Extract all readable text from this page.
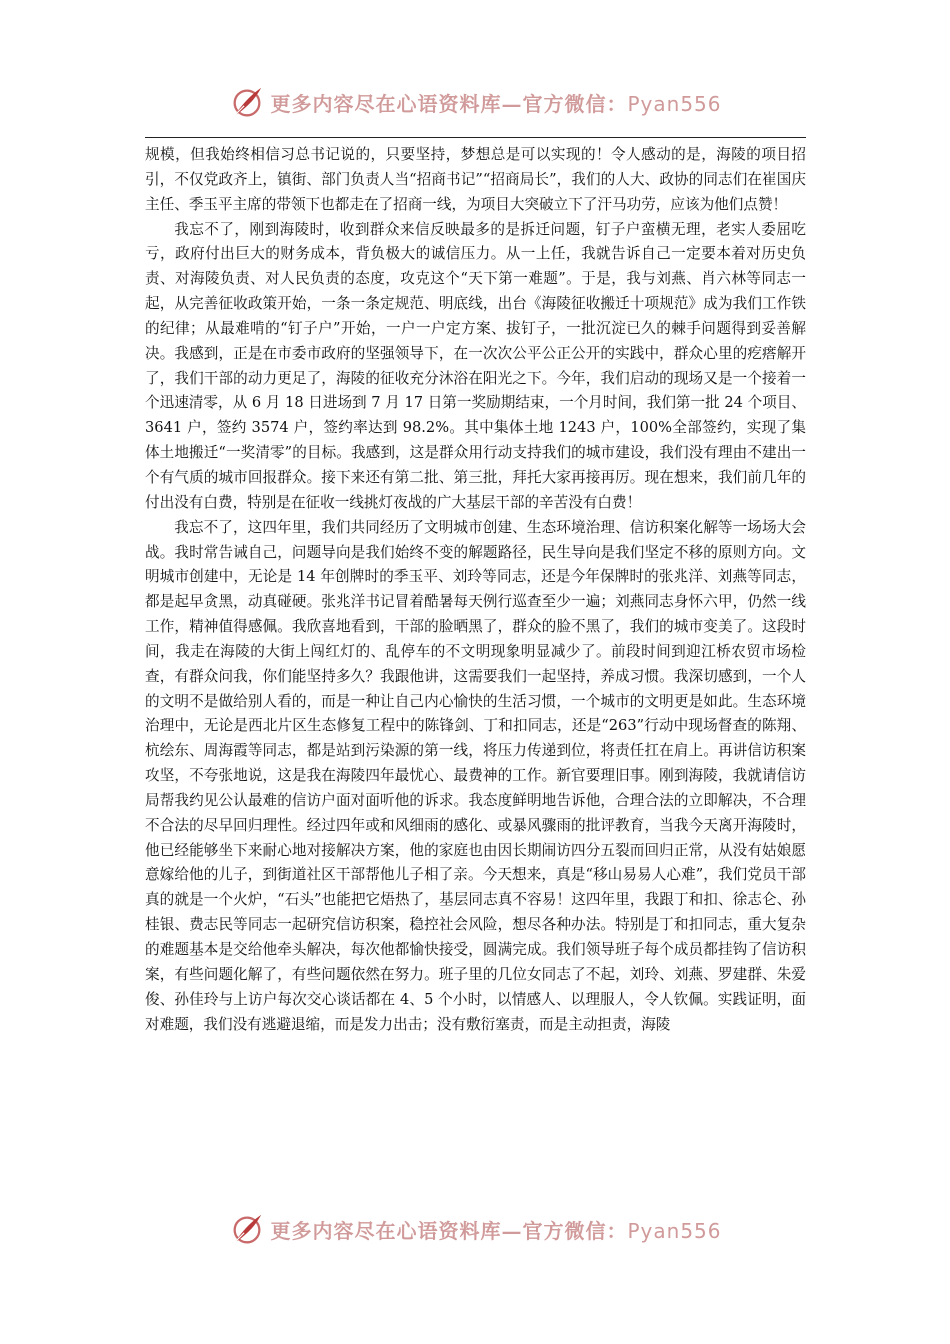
更多内容尽在心语资料库—官方微信：Pyan556

规模，但我始终相信习总书记说的，只要坚持，梦想总是可以实现的！令人感动的是，海陵的项目招引，不仅党政齐上，镇街、部门负责人当“招商书记”“招商局长”，我们的人大、政协的同志们在崔国庆主任、季玉平主席的带领下也都走在了招商一线，为项目大突破立下了汗马功劳，应该为他们点赞！

我忘不了，刚到海陵时，收到群众来信反映最多的是拆迁问题，钉子户蛮横无理，老实人委屈吃亏，政府付出巨大的财务成本，背负极大的诚信压力。从一上任，我就告诉自己一定要本着对历史负责、对海陵负责、对人民负责的态度，攻克这个“天下第一难题”。于是，我与刘燕、肖六林等同志一起，从完善征收政策开始，一条一条定规范、明底线，出台《海陵征收搬迁十项规范》成为我们工作铁的纪律；从最难啃的“钉子户”开始，一户一户定方案、拔钉子，一批沉淀已久的棘手问题得到妥善解决。我感到，正是在市委市政府的坚强领导下，在一次次公平公正公开的实践中，群众心里的疙瘩解开了，我们干部的动力更足了，海陵的征收充分沐浴在阳光之下。今年，我们启动的现场又是一个接着一个迅速清零，从 6 月 18 日进场到 7 月 17 日第一奖励期结束，一个月时间，我们第一批 24 个项目、3641 户，签约 3574 户，签约率达到 98.2%。其中集体土地 1243 户，100%全部签约，实现了集体土地搬迁“一奖清零”的目标。我感到，这是群众用行动支持我们的城市建设，我们没有理由不建出一个有气质的城市回报群众。接下来还有第二批、第三批，拜托大家再接再厉。现在想来，我们前几年的付出没有白费，特别是在征收一线挑灯夜战的广大基层干部的辛苦没有白费！

我忘不了，这四年里，我们共同经历了文明城市创建、生态环境治理、信访积案化解等一场场大会战。我时常告诫自己，问题导向是我们始终不变的解题路径，民生导向是我们坚定不移的原则方向。文明城市创建中，无论是 14 年创牌时的季玉平、刘玲等同志，还是今年保牌时的张兆洋、刘燕等同志，都是起早贪黑，动真碰硬。张兆洋书记冒着酷暑每天例行巡查至少一遍；刘燕同志身怀六甲，仍然一线工作，精神值得感佩。我欣喜地看到，干部的脸晒黑了，群众的脸不黑了，我们的城市变美了。这段时间，我走在海陵的大街上闯红灯的、乱停车的不文明现象明显减少了。前段时间到迎江桥农贸市场检查，有群众问我，你们能坚持多久？我跟他讲，这需要我们一起坚持，养成习惯。我深切感到，一个人的文明不是做给别人看的，而是一种让自己内心愉快的生活习惯，一个城市的文明更是如此。生态环境治理中，无论是西北片区生态修复工程中的陈锋剑、丁和扣同志，还是“263”行动中现场督查的陈翔、杭绘东、周海霞等同志，都是站到污染源的第一线，将压力传递到位，将责任扛在肩上。再讲信访积案攻坚，不夸张地说，这是我在海陵四年最忧心、最费神的工作。新官要理旧事。刚到海陵，我就请信访局帮我约见公认最难的信访户面对面听他的诉求。我态度鲜明地告诉他，合理合法的立即解决，不合理不合法的尽早回归理性。经过四年或和风细雨的感化、或暴风骤雨的批评教育，当我今天离开海陵时，他已经能够坐下来耐心地对接解决方案，他的家庭也由因长期闹访四分五裂而回归正常，从没有姑娘愿意嫁给他的儿子，到街道社区干部帮他儿子相了亲。今天想来，真是“移山易易人心难”，我们党员干部真的就是一个火炉，“石头”也能把它焐热了，基层同志真不容易！这四年里，我跟丁和扣、徐志仑、孙桂银、费志民等同志一起研究信访积案，稳控社会风险，想尽各种办法。特别是丁和扣同志，重大复杂的难题基本是交给他牵头解决，每次他都愉快接受，圆满完成。我们领导班子每个成员都挂钩了信访积案，有些问题化解了，有些问题依然在努力。班子里的几位女同志了不起，刘玲、刘燕、罗建群、朱爱俊、孙佳玲与上访户每次交心谈话都在 4、5 个小时，以情感人、以理服人，令人钦佩。实践证明，面对难题，我们没有逃避退缩，而是发力出击；没有敷衍塞责，而是主动担责，海陵

更多内容尽在心语资料库—官方微信：Pyan556
